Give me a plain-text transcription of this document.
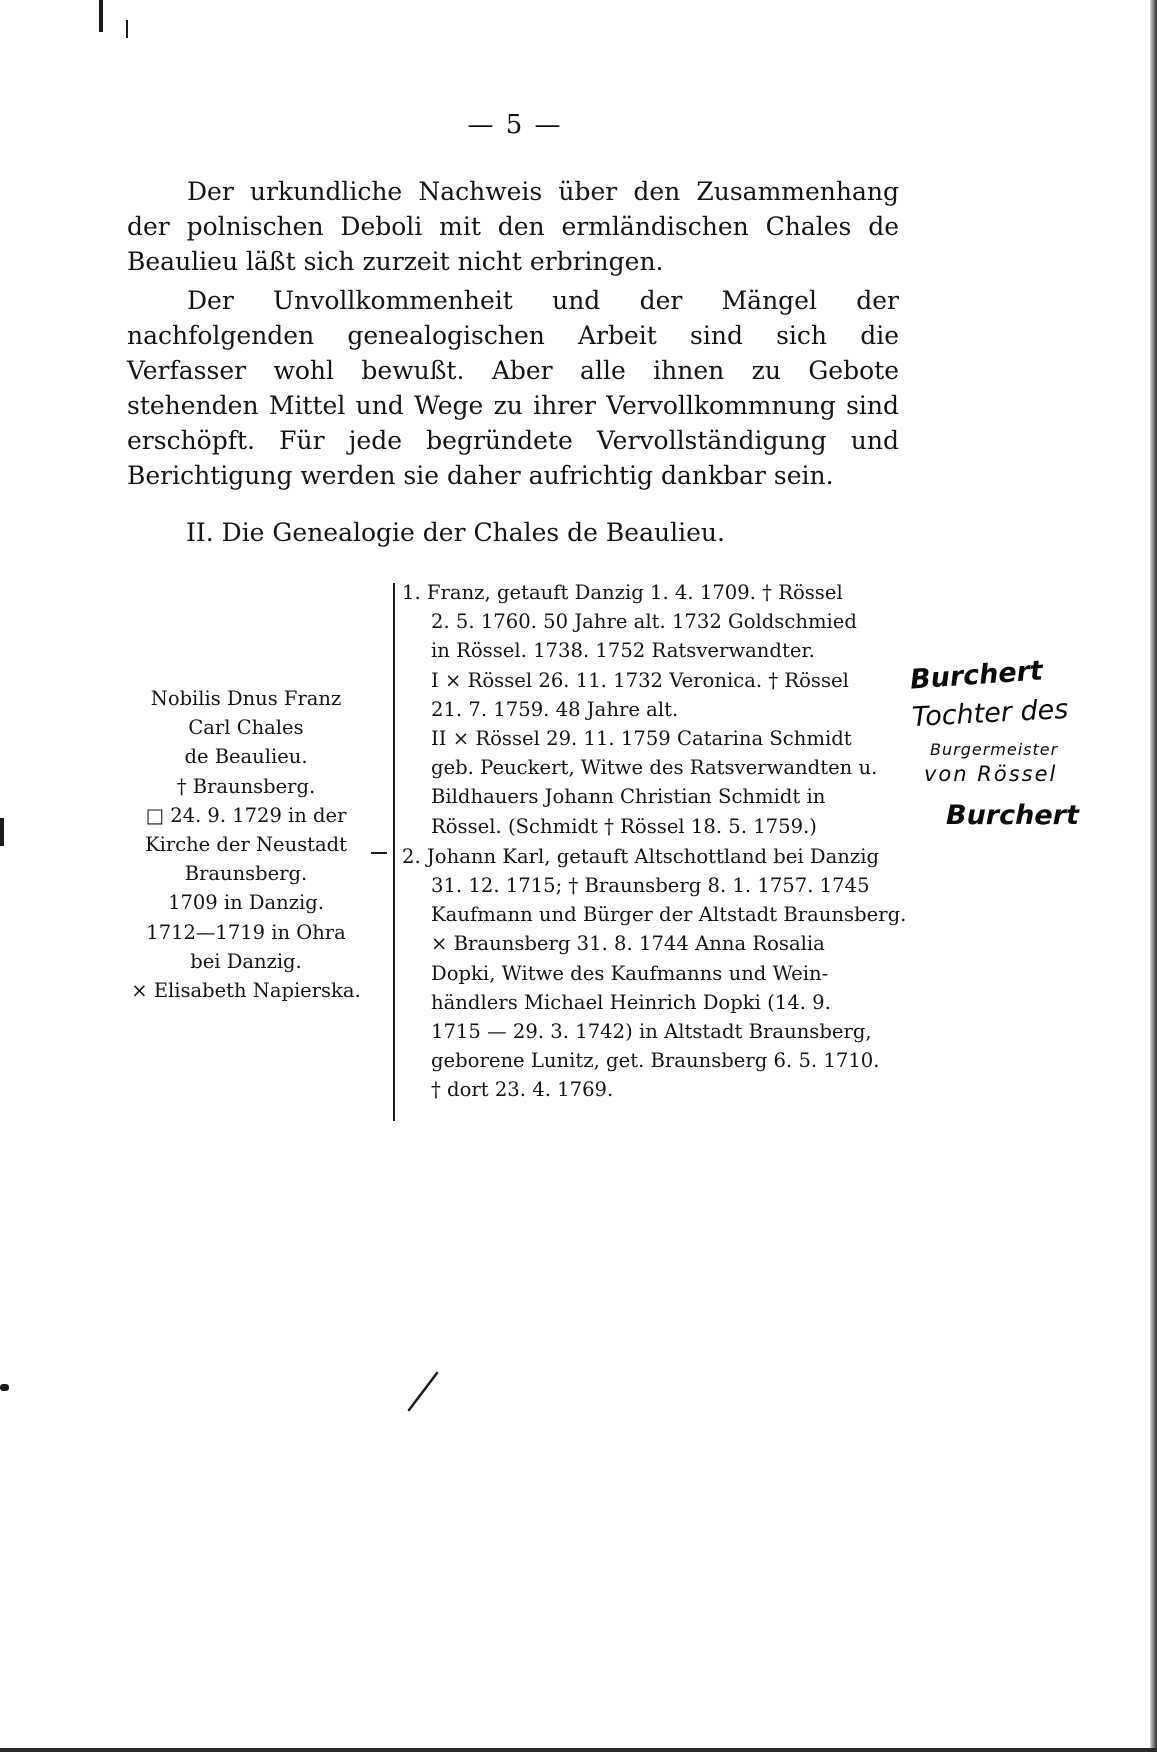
— 5 —

Der urkundliche Nachweis über den Zusammenhang der polnischen Deboli mit den ermländischen Chales de Beaulieu läßt sich zurzeit nicht erbringen.

Der Unvollkommenheit und der Mängel der nachfolgenden genealogischen Arbeit sind sich die Verfasser wohl bewußt. Aber alle ihnen zu Gebote stehenden Mittel und Wege zu ihrer Vervollkommnung sind erschöpft. Für jede begründete Vervollständigung und Berichtigung werden sie daher aufrichtig dankbar sein.

II. Die Genealogie der Chales de Beaulieu.
Nobilis Dnus Franz
Carl Chales
de Beaulieu.
† Braunsberg.
□ 24. 9. 1729 in der
Kirche der Neustadt
Braunsberg.
1709 in Danzig.
1712—1719 in Ohra
bei Danzig.
× Elisabeth Napierska.
1. Franz, getauft Danzig 1. 4. 1709. † Rössel
2. 5. 1760. 50 Jahre alt. 1732 Goldschmied
in Rössel. 1738. 1752 Ratsverwandter.
I × Rössel 26. 11. 1732 Veronica. † Rössel
21. 7. 1759. 48 Jahre alt.
II × Rössel 29. 11. 1759 Catarina Schmidt
geb. Peuckert, Witwe des Ratsverwandten u.
Bildhauers Johann Christian Schmidt in
Rössel. (Schmidt † Rössel 18. 5. 1759.)
2. Johann Karl, getauft Altschottland bei Danzig
31. 12. 1715; † Braunsberg 8. 1. 1757. 1745
Kaufmann und Bürger der Altstadt Braunsberg.
× Braunsberg 31. 8. 1744 Anna Rosalia
Dopki, Witwe des Kaufmanns und Wein-
händlers Michael Heinrich Dopki (14. 9.
1715 — 29. 3. 1742) in Altstadt Braunsberg,
geborene Lunitz, get. Braunsberg 6. 5. 1710.
† dort 23. 4. 1769.
Burchert
Tochter des
Burgermeister
von Rössel
Burchert
